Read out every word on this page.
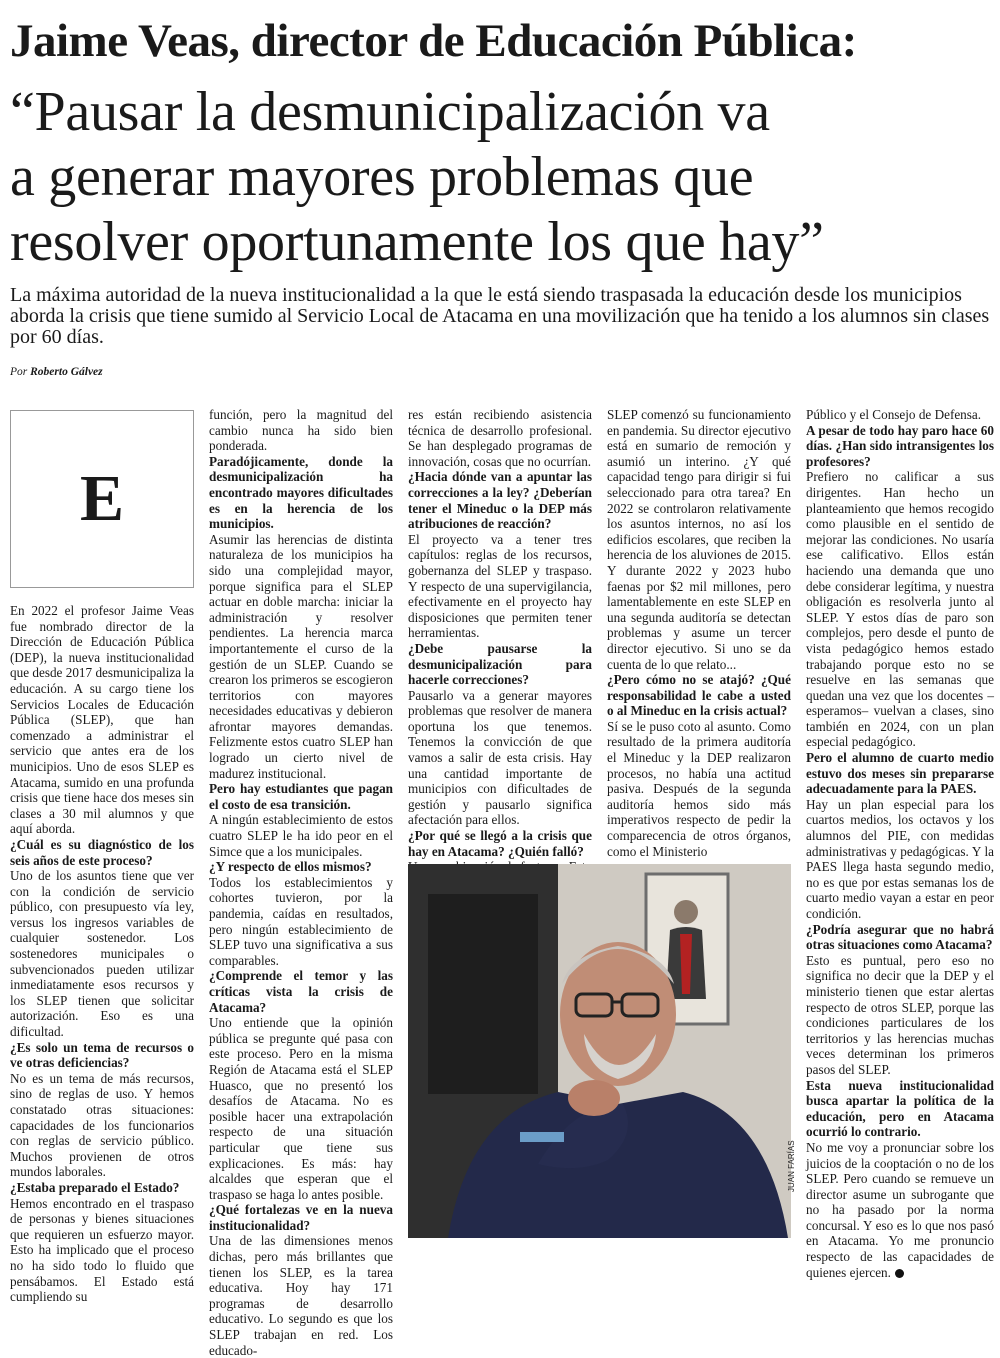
Jaime Veas, director de Educación Pública:
“Pausar la desmunicipalización va
a generar mayores problemas que
resolver oportunamente los que hay”
La máxima autoridad de la nueva institucionalidad a la que le está siendo traspasada la educación desde los municipios aborda la crisis que tiene sumido al Servicio Local de Atacama en una movilización que ha tenido a los alumnos sin clases por 60 días.
Por Roberto Gálvez
E

En 2022 el profesor Jaime Veas fue nombrado director de la Dirección de Educación Pública (DEP), la nueva institucionalidad que desde 2017 desmunicipaliza la educación. A su cargo tiene los Servicios Locales de Educación Pública (SLEP), que han comenzado a administrar el servicio que antes era de los municipios. Uno de esos SLEP es Atacama, sumido en una profunda crisis que tiene hace dos meses sin clases a 30 mil alumnos y que aquí aborda.

¿Cuál es su diagnóstico de los seis años de este proceso?

Uno de los asuntos tiene que ver con la condición de servicio público, con presupuesto vía ley, versus los ingresos variables de cualquier sostenedor. Los sostenedores municipales o subvencionados pueden utilizar inmediatamente esos recursos y los SLEP tienen que solicitar autorización. Eso es una dificultad.

¿Es solo un tema de recursos o ve otras deficiencias?

No es un tema de más recursos, sino de reglas de uso. Y hemos constatado otras situaciones: capacidades de los funcionarios con reglas de servicio público. Muchos provienen de otros mundos laborales.

¿Estaba preparado el Estado?

Hemos encontrado en el traspaso de personas y bienes situaciones que requieren un esfuerzo mayor. Esto ha implicado que el proceso no ha sido todo lo fluido que pensábamos. El Estado está cumpliendo su

función, pero la magnitud del cambio nunca ha sido bien ponderada.

Paradójicamente, donde la desmunicipalización ha encontrado mayores dificultades es en la herencia de los municipios.

Asumir las herencias de distinta naturaleza de los municipios ha sido una complejidad mayor, porque significa para el SLEP actuar en doble marcha: iniciar la administración y resolver pendientes. La herencia marca importantemente el curso de la gestión de un SLEP. Cuando se crearon los primeros se escogieron territorios con mayores necesidades educativas y debieron afrontar mayores demandas. Felizmente estos cuatro SLEP han logrado un cierto nivel de madurez institucional.

Pero hay estudiantes que pagan el costo de esa transición.

A ningún establecimiento de estos cuatro SLEP le ha ido peor en el Simce que a los municipales.

¿Y respecto de ellos mismos?

Todos los establecimientos y cohortes tuvieron, por la pandemia, caídas en resultados, pero ningún establecimiento de SLEP tuvo una significativa a sus comparables.

¿Comprende el temor y las críticas vista la crisis de Atacama?

Uno entiende que la opinión pública se pregunte qué pasa con este proceso. Pero en la misma Región de Atacama está el SLEP Huasco, que no presentó los desafíos de Atacama. No es posible hacer una extrapolación respecto de una situación particular que tiene sus explicaciones. Es más: hay alcaldes que esperan que el traspaso se haga lo antes posible.

¿Qué fortalezas ve en la nueva institucionalidad?

Una de las dimensiones menos dichas, pero más brillantes que tienen los SLEP, es la tarea educativa. Hoy hay 171 programas de desarrollo educativo. Lo segundo es que los SLEP trabajan en red. Los educado-

res están recibiendo asistencia técnica de desarrollo profesional. Se han desplegado programas de innovación, cosas que no ocurrían.

¿Hacia dónde van a apuntar las correcciones a la ley? ¿Deberían tener el Mineduc o la DEP más atribuciones de reacción?

El proyecto va a tener tres capítulos: reglas de los recursos, gobernanza del SLEP y traspaso. Y respecto de una supervigilancia, efectivamente en el proyecto hay disposiciones que permiten tener herramientas.

¿Debe pausarse la desmunicipalización para hacerle correcciones?

Pausarlo va a generar mayores problemas que resolver de manera oportuna los que tenemos. Tenemos la convicción de que vamos a salir de esta crisis. Hay una cantidad importante de municipios con dificultades de gestión y pausarlo significa afectación para ellos.

¿Por qué se llegó a la crisis que hay en Atacama? ¿Quién falló?

SLEP comenzó su funcionamiento en pandemia. Su director ejecutivo está en sumario de remoción y asumió un interino. ¿Y qué capacidad tengo para dirigir si fui seleccionado para otra tarea? En 2022 se controlaron relativamente los asuntos internos, no así los edificios escolares, que reciben la herencia de los aluviones de 2015. Y durante 2022 y 2023 hubo faenas por $2 mil millones, pero lamentablemente en este SLEP en una segunda auditoría se detectan problemas y asume un tercer director ejecutivo. Si uno se da cuenta de lo que relato...

¿Pero cómo no se atajó? ¿Qué responsabilidad le cabe a usted o al Mineduc en la crisis actual?

Sí se le puso coto al asunto. Como resultado de la primera auditoría el Mineduc y la DEP realizaron procesos, no había una actitud pasiva. Después de la segunda auditoría hemos sido más imperativos respecto de pedir la comparecencia de otros órganos, como el Ministerio

Público y el Consejo de Defensa.

A pesar de todo hay paro hace 60 días. ¿Han sido intransigentes los profesores?

Prefiero no calificar a sus dirigentes. Han hecho un planteamiento que hemos recogido como plausible en el sentido de mejorar las condiciones. No usaría ese calificativo. Ellos están haciendo una demanda que uno debe considerar legítima, y nuestra obligación es resolverla junto al SLEP. Y estos días de paro son complejos, pero desde el punto de vista pedagógico hemos estado trabajando porque esto no se resuelve en las semanas que quedan una vez que los docentes –esperamos– vuelvan a clases, sino también en 2024, con un plan especial pedagógico.

Pero el alumno de cuarto medio estuvo dos meses sin prepararse adecuadamente para la PAES.

Hay un plan especial para los cuartos medios, los octavos y los alumnos del PIE, con medidas administrativas y pedagógicas. Y la PAES llega hasta segundo medio, no es que por estas semanas los de cuarto medio vayan a estar en peor condición.

¿Podría asegurar que no habrá otras situaciones como Atacama?

Esto es puntual, pero eso no significa no decir que la DEP y el ministerio tienen que estar alertas respecto de otros SLEP, porque las condiciones particulares de los territorios y las herencias muchas veces determinan los primeros pasos del SLEP.

Esta nueva institucionalidad busca apartar la política de la educación, pero en Atacama ocurrió lo contrario.

No me voy a pronunciar sobre los juicios de la cooptación o no de los SLEP. Pero cuando se remueve un director asume un subrogante que no ha pasado por la norma concursal. Y eso es lo que nos pasó en Atacama. Yo me pronuncio respecto de las capacidades de quienes ejercen.

JUAN FARÍAS
